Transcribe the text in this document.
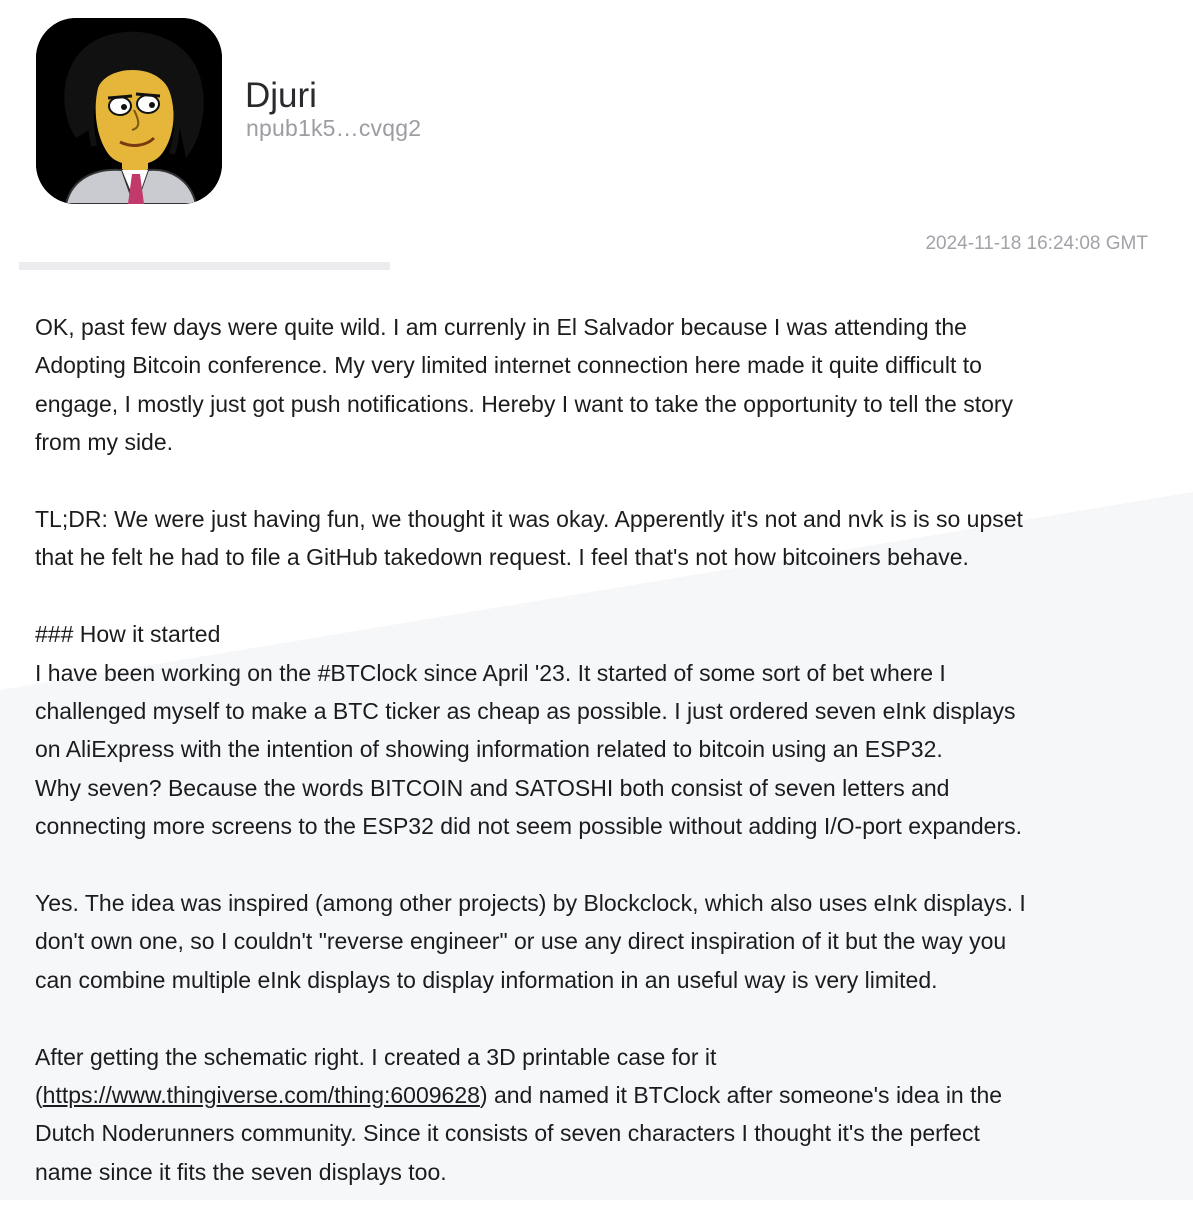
Djuri
npub1k5…cvqg2
2024-11-18 16:24:08 GMT

OK, past few days were quite wild. I am currenly in El Salvador because I was attending the
Adopting Bitcoin conference. My very limited internet connection here made it quite difficult to
engage, I mostly just got push notifications. Hereby I want to take the opportunity to tell the story
from my side.

TL;DR: We were just having fun, we thought it was okay. Apperently it's not and nvk is is so upset
that he felt he had to file a GitHub takedown request. I feel that's not how bitcoiners behave.

### How it started
I have been working on the #BTClock since April '23. It started of some sort of bet where I
challenged myself to make a BTC ticker as cheap as possible. I just ordered seven eInk displays
on AliExpress with the intention of showing information related to bitcoin using an ESP32.
Why seven? Because the words BITCOIN and SATOSHI both consist of seven letters and
connecting more screens to the ESP32 did not seem possible without adding I/O-port expanders.

Yes. The idea was inspired (among other projects) by Blockclock, which also uses eInk displays. I
don't own one, so I couldn't "reverse engineer" or use any direct inspiration of it but the way you
can combine multiple eInk displays to display information in an useful way is very limited.

After getting the schematic right. I created a 3D printable case for it
(https://www.thingiverse.com/thing:6009628) and named it BTClock after someone's idea in the
Dutch Noderunners community. Since it consists of seven characters I thought it's the perfect
name since it fits the seven displays too.
